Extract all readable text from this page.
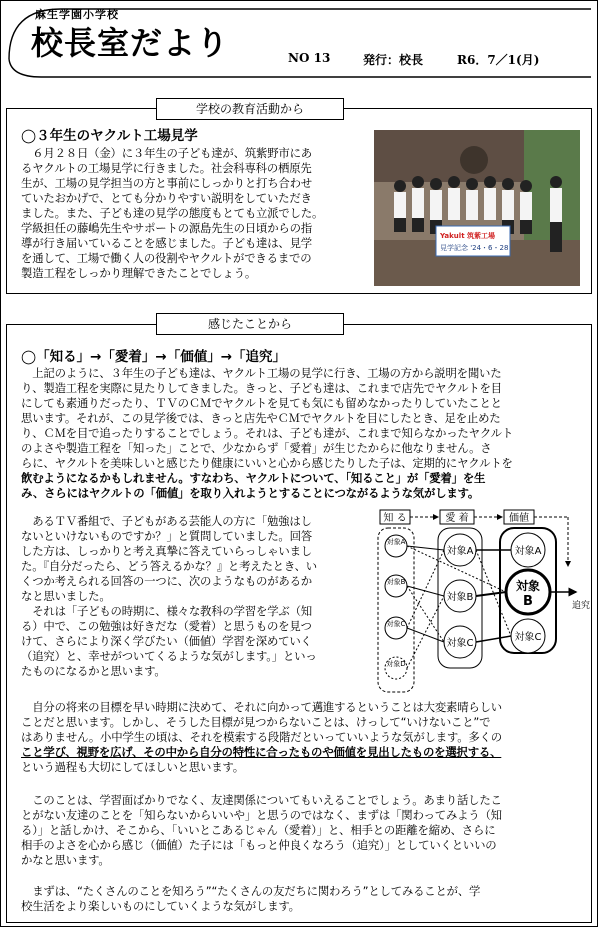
麻生学園小学校
校長室だより	NO 13	発行：校長	R6．7／1(月)
学校の教育活動から
◯３年生のヤクルト工場見学

　６月２８日（金）に３年生の子ども達が、筑紫野市にあ

るヤクルトの工場見学に行きました。社会科専科の栖原先

生が、工場の見学担当の方と事前にしっかりと打ち合わせ

ていたおかげで、とても分かりやすい説明をしていただき

ました。また、子ども達の見学の態度もとても立派でした。

学級担任の藤嶋先生やサポートの源島先生の日頃からの指

導が行き届いていることを感じました。子ども達は、見学

を通して、工場で働く人の役割やヤクルトができるまでの

製造工程をしっかり理解できたことでしょう。

Yakult 筑紫工場
見学記念 '24・6・28
感じたことから
◯「知る」→「愛着」→「価値」→「追究」

　上記のように、３年生の子ども達は、ヤクルト工場の見学に行き、工場の方から説明を聞いた

り、製造工程を実際に見たりしてきました。きっと、子ども達は、これまで店先でヤクルトを目

にしても素通りだったり、ＴＶのＣＭでヤクルトを見ても気にも留めなかったりしていたことと

思います。それが、この見学後では、きっと店先やＣＭでヤクルトを目にしたとき、足を止めた

り、ＣＭを目で追ったりすることでしょう。それは、子ども達が、これまで知らなかったヤクルト

のよさや製造工程を「知った」ことで、少なからず「愛着」が生じたからに他なりません。さ

らに、ヤクルトを美味しいと感じたり健康にいいと心から感じたりした子は、定期的にヤクルトを

飲むようになるかもしれません。すなわち、ヤクルトについて、「知ること」が「愛着」を生

み、さらにはヤクルトの「価値」を取り入れようとすることにつながるような気がします。

　あるＴＶ番組で、子どもがある芸能人の方に「勉強はし

ないといけないものですか？」と質問していました。回答

した方は、しっかりと考え真摯に答えていらっしゃいまし

た。『自分だったら、どう答えるかな？』と考えたとき、い

くつか考えられる回答の一つに、次のようなものがあるか

なと思いました。

　それは「子どもの時期に、様々な教科の学習を学ぶ（知

る）中で、この勉強は好きだな（愛着）と思うものを見つ

けて、さらにより深く学びたい（価値）学習を深めていく

（追究）と、幸せがついてくるような気がします。」といっ

たものになるかと思います。

知 る	愛 着	価値
対象A
対象B
対象C
対象D
対象A
対象B
対象C
対象A
対象
B
対象C
追究

　自分の将来の目標を早い時期に決めて、それに向かって邁進するということは大変素晴らしい

ことだと思います。しかし、そうした目標が見つからないことは、けっして“いけないこと”で

はありません。小中学生の頃は、それを模索する段階だといっていいような気がします。多くの

こと学び、視野を広げ、その中から自分の特性に合ったものや価値を見出したものを選択する、

という過程も大切にしてほしいと思います。

　このことは、学習面ばかりでなく、友達関係についてもいえることでしょう。あまり話したこ

とがない友達のことを「知らないからいいや」と思うのではなく、まずは「関わってみよう（知

る）」と話しかけ、そこから、「いいとこあるじゃん（愛着）」と、相手との距離を縮め、さらに

相手のよさを心から感じ（価値）た子には「もっと仲良くなろう（追究）」としていくといいの

かなと思います。

　まずは、“たくさんのことを知ろう”“たくさんの友だちに関わろう”としてみることが、学

校生活をより楽しいものにしていくような気がします。
